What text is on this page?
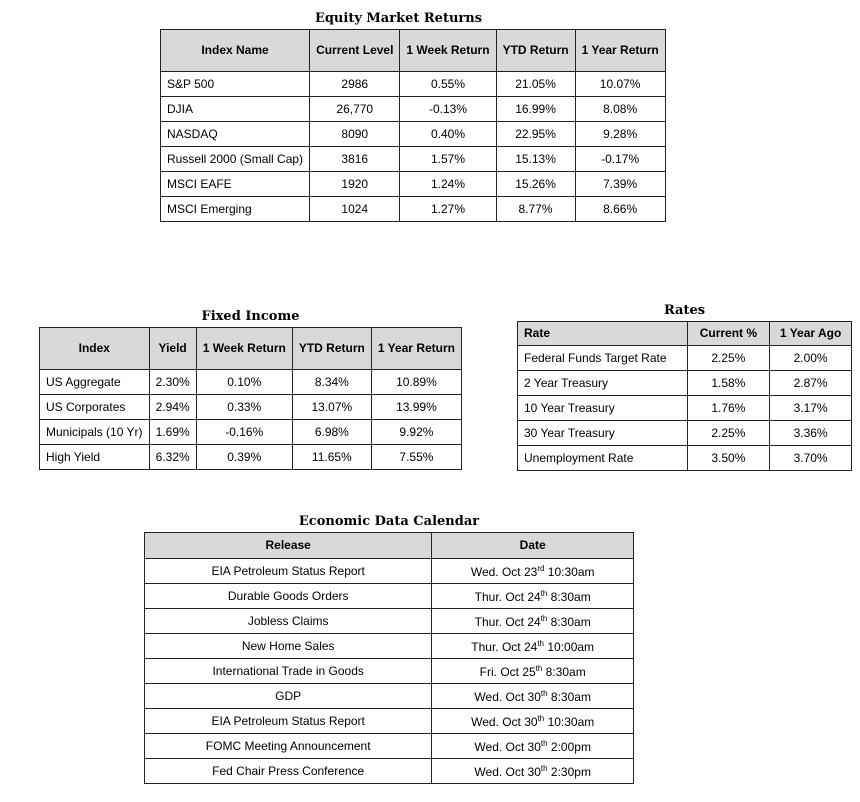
Equity Market Returns
Index Name	Current Level	1 Week Return	YTD Return	1 Year Return
S&P 500	2986	0.55%	21.05%	10.07%
DJIA	26,770	-0.13%	16.99%	8.08%
NASDAQ	8090	0.40%	22.95%	9.28%
Russell 2000 (Small Cap)	3816	1.57%	15.13%	-0.17%
MSCI EAFE	1920	1.24%	15.26%	7.39%
MSCI Emerging	1024	1.27%	8.77%	8.66%
Fixed Income
Index	Yield	1 Week Return	YTD Return	1 Year Return
US Aggregate	2.30%	0.10%	8.34%	10.89%
US Corporates	2.94%	0.33%	13.07%	13.99%
Municipals (10 Yr)	1.69%	-0.16%	6.98%	9.92%
High Yield	6.32%	0.39%	11.65%	7.55%
Rates
Rate	Current %	1 Year Ago
Federal Funds Target Rate	2.25%	2.00%
2 Year Treasury	1.58%	2.87%
10 Year Treasury	1.76%	3.17%
30 Year Treasury	2.25%	3.36%
Unemployment Rate	3.50%	3.70%
Economic Data Calendar
Release	Date
EIA Petroleum Status Report	Wed. Oct 23rd 10:30am
Durable Goods Orders	Thur. Oct 24th 8:30am
Jobless Claims	Thur. Oct 24th 8:30am
New Home Sales	Thur. Oct 24th 10:00am
International Trade in Goods	Fri. Oct 25th 8:30am
GDP	Wed. Oct 30th 8:30am
EIA Petroleum Status Report	Wed. Oct 30th 10:30am
FOMC Meeting Announcement	Wed. Oct 30th 2:00pm
Fed Chair Press Conference	Wed. Oct 30th 2:30pm
